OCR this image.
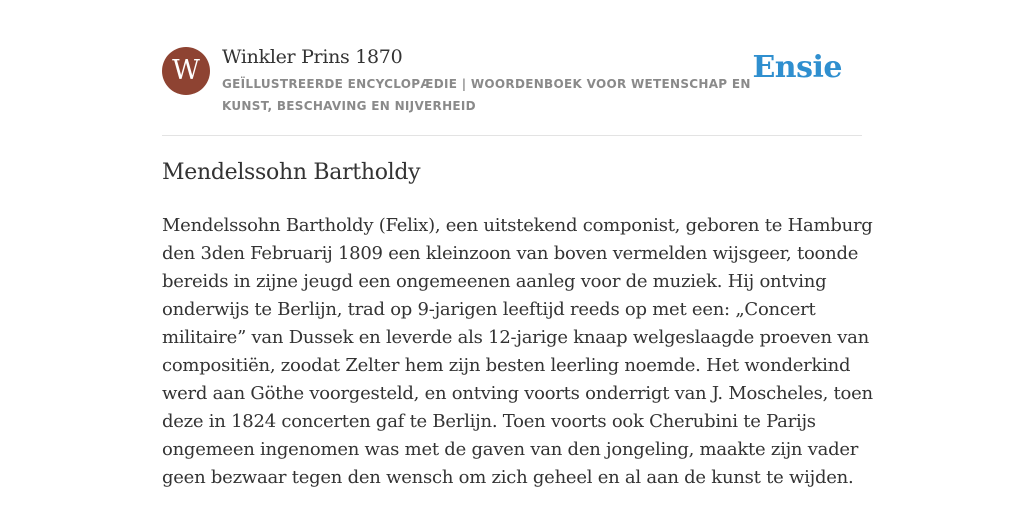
W	Winkler Prins 1870
GEÏLLUSTREERDE ENCYCLOPÆDIE | WOORDENBOEK VOOR WETENSCHAP EN
KUNST, BESCHAVING EN NIJVERHEID
Ensie
Mendelssohn Bartholdy

Mendelssohn Bartholdy (Felix), een uitstekend componist, geboren te Hamburg
den 3den Februarij 1809 een kleinzoon van boven vermelden wijsgeer, toonde
bereids in zijne jeugd een ongemeenen aanleg voor de muziek. Hij ontving
onderwijs te Berlijn, trad op 9-jarigen leeftijd reeds op met een: „Concert
militaire” van Dussek en leverde als 12-jarige knaap welgeslaagde proeven van
compositiën, zoodat Zelter hem zijn besten leerling noemde. Het wonderkind
werd aan Göthe voorgesteld, en ontving voorts onderrigt van J. Moscheles, toen
deze in 1824 concerten gaf te Berlijn. Toen voorts ook Cherubini te Parijs
ongemeen ingenomen was met de gaven van den jongeling, maakte zijn vader
geen bezwaar tegen den wensch om zich geheel en al aan de kunst te wijden.
